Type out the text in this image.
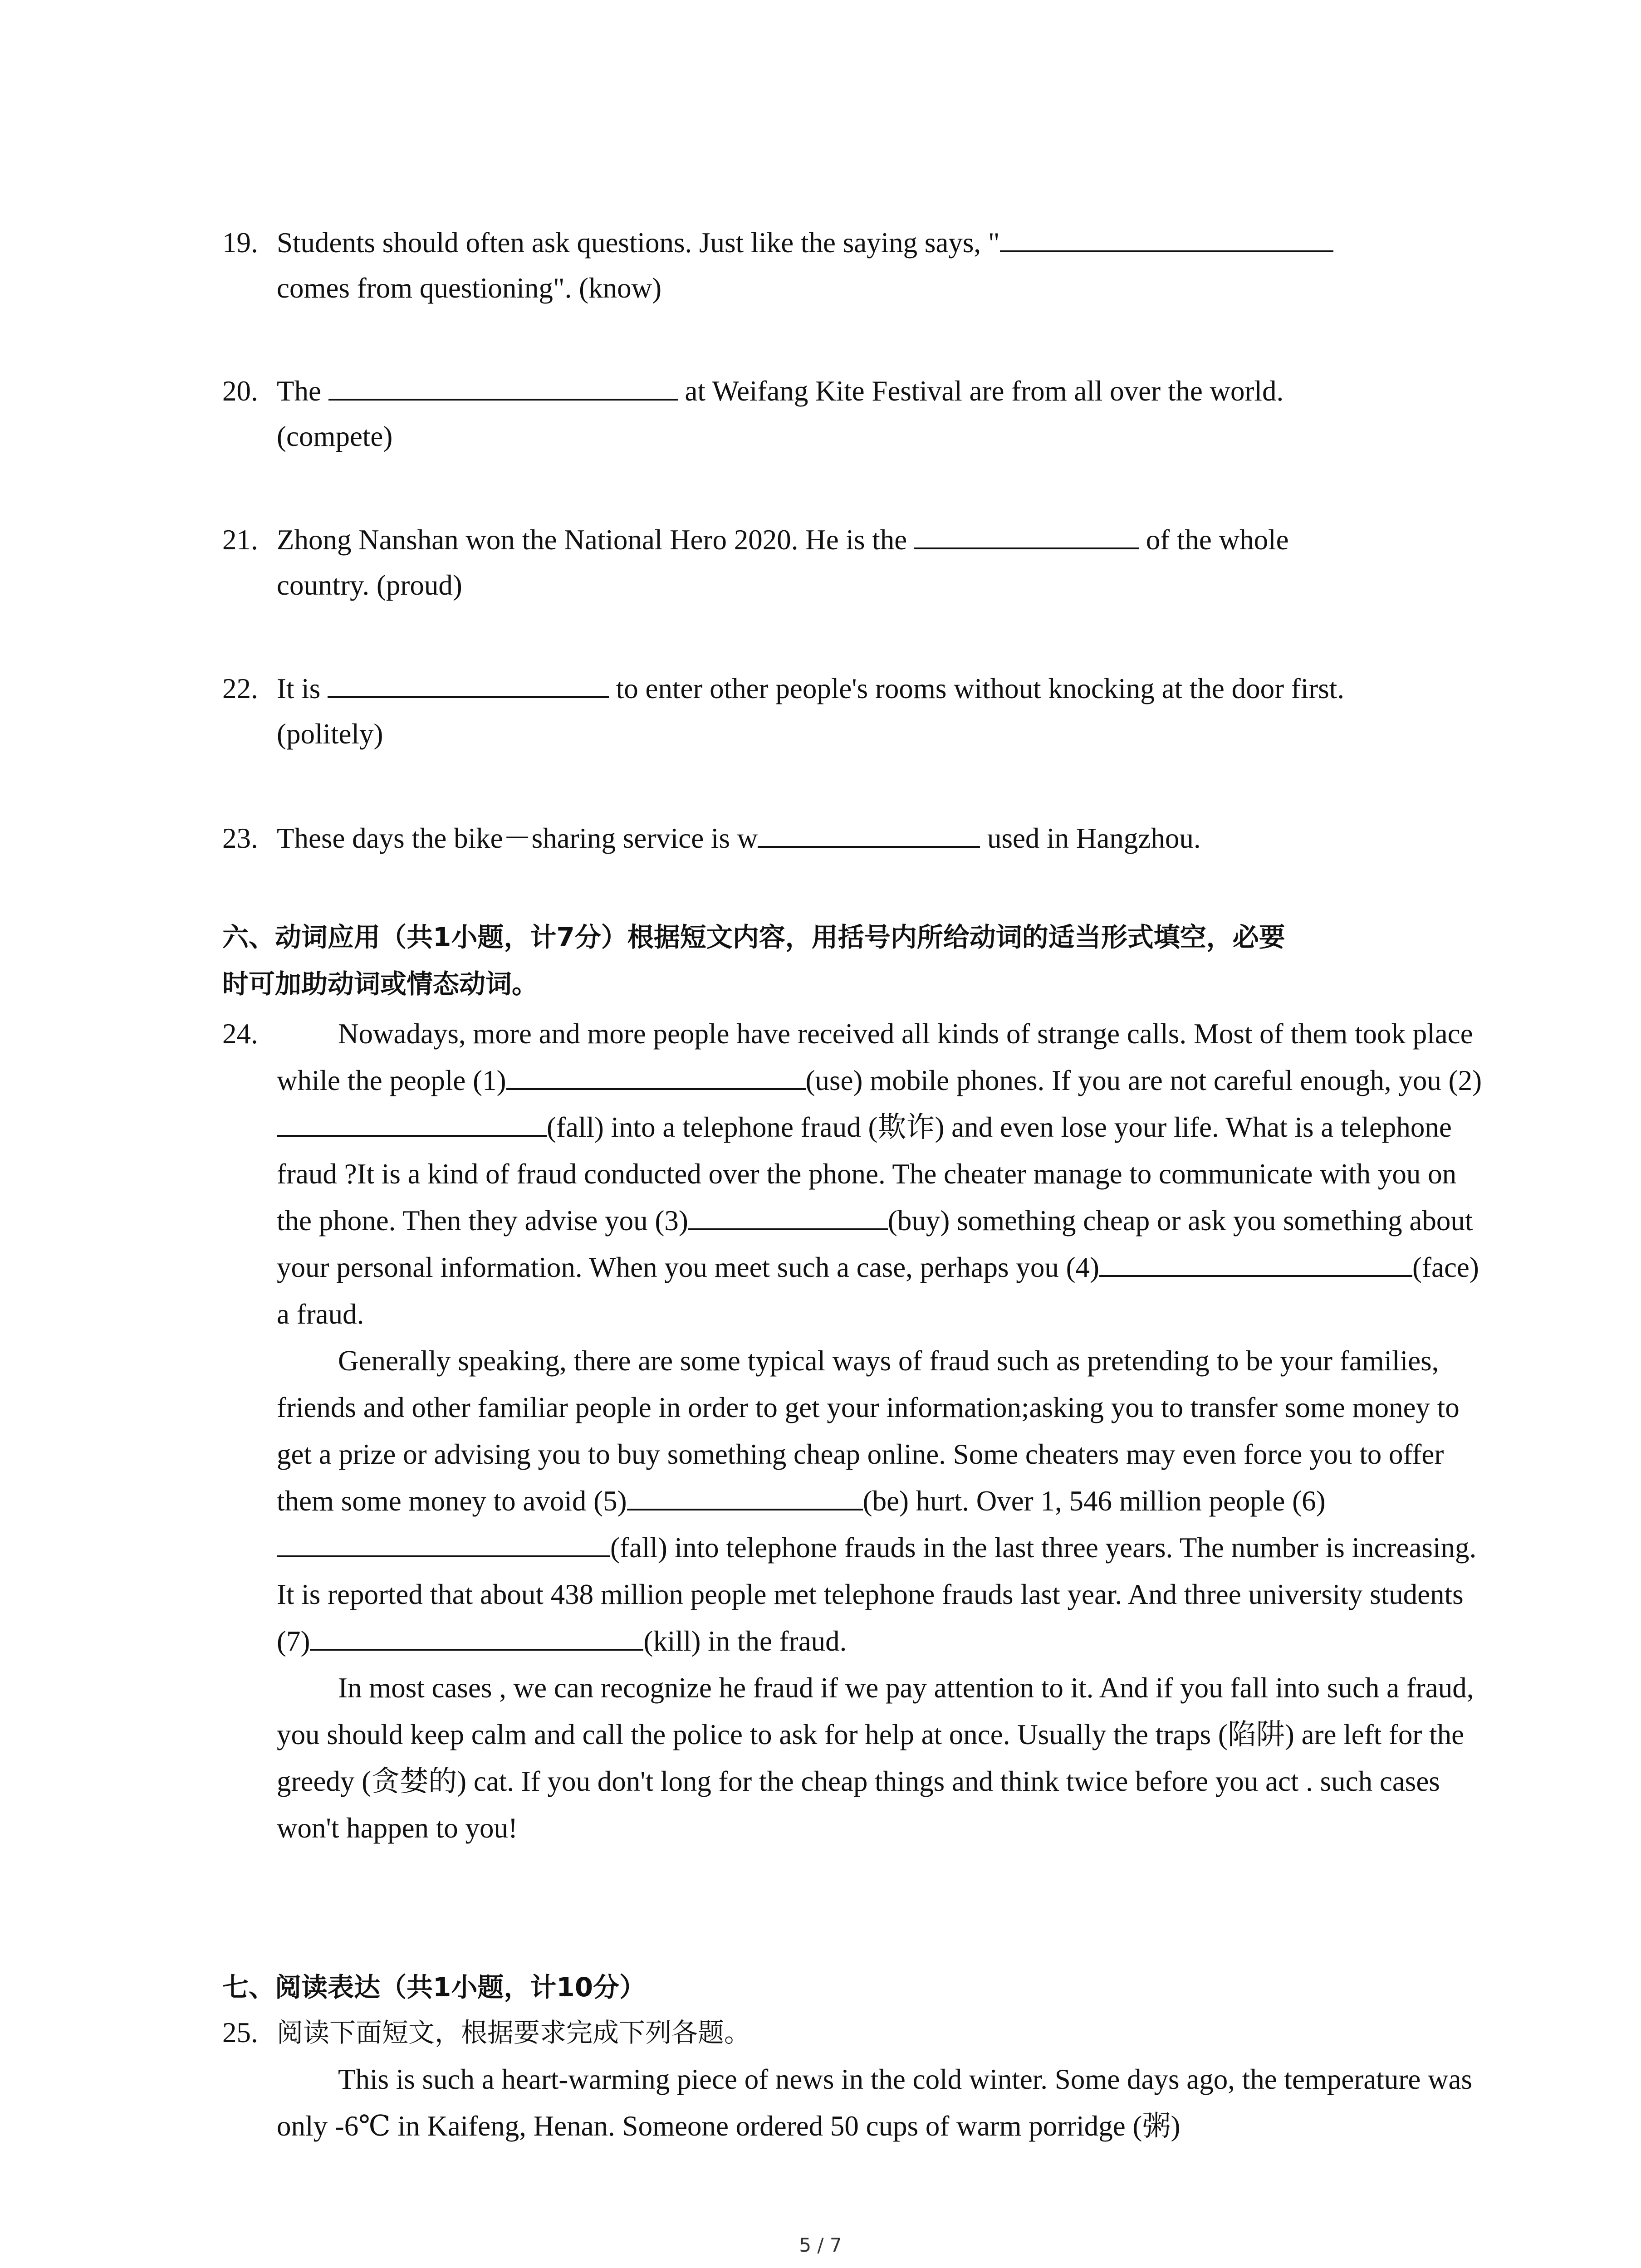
19. Students should often ask questions. Just like the saying says, "
comes from questioning". (know)
20. The	at Weifang Kite Festival are from all over the world.
(compete)
21. Zhong Nanshan won the National Hero 2020. He is the	of the whole
country. (proud)
22. It is	to enter other people's rooms without knocking at the door first.
(politely)
23. These days the bike－sharing service is w	used in Hangzhou.
六、动词应用（共1小题，计7分）根据短文内容，用括号内所给动词的适当形式填空，必要
时可加助动词或情态动词。
24.	Nowadays, more and more people have received all kinds of strange calls. Most of them took place while the people (1)	(use) mobile phones. If you are not careful enough, you (2)(fall) into a telephone fraud (欺诈) and even lose your life. What is a telephone fraud ?It is a kind of fraud conducted over the phone. The cheater manage to communicate with you on the phone. Then they advise you (3)	(buy) something cheap or ask you something about your personal information. When you meet such a case, perhaps you (4)	(face) a fraud.
Generally speaking, there are some typical ways of fraud such as pretending to be your families, friends and other familiar people in order to get your information;asking you to transfer some money to get a prize or advising you to buy something cheap online. Some cheaters may even force you to offer them some money to avoid (5)	(be) hurt. Over 1, 546 million people (6)(fall) into telephone frauds in the last three years. The number is increasing. It is reported that about 438 million people met telephone frauds last year. And three university students (7)	(kill) in the fraud.
In most cases , we can recognize he fraud if we pay attention to it. And if you fall into such a fraud, you should keep calm and call the police to ask for help at once. Usually the traps (陷阱) are left for the greedy (贪婪的) cat. If you don't long for the cheap things and think twice before you act . such cases won't happen to you!
七、阅读表达（共1小题，计10分）
25. 阅读下面短文，根据要求完成下列各题。
This is such a heart-warming piece of news in the cold winter. Some days ago, the temperature was only -6℃ in Kaifeng, Henan. Someone ordered 50 cups of warm porridge (粥)
5 / 7
